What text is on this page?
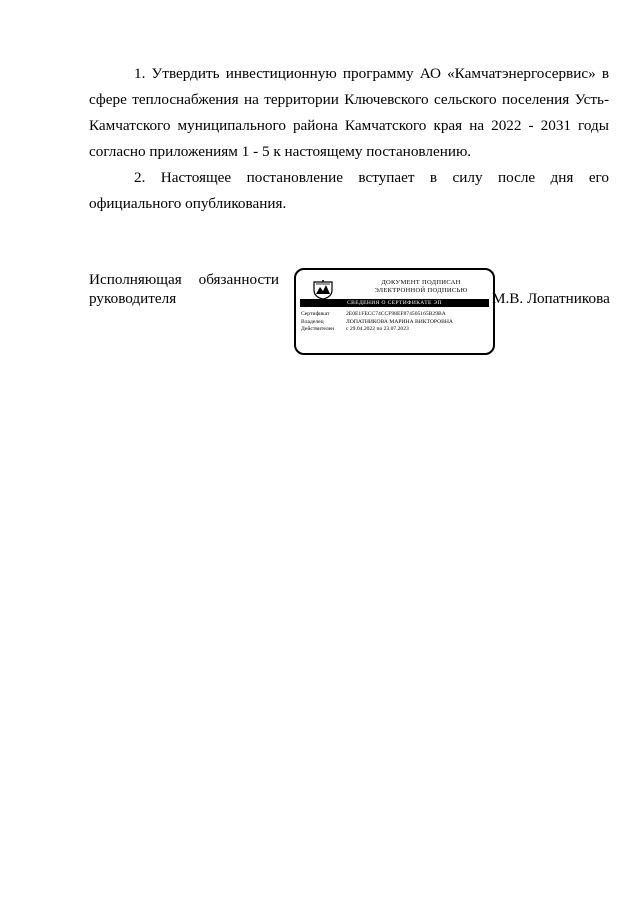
1. Утвердить инвестиционную программу АО «Камчатэнергосервис» в сфере теплоснабжения на территории Ключевского сельского поселения Усть-Камчатского муниципального района Камчатского края на 2022 - 2031 годы согласно приложениям 1 - 5 к настоящему постановлению.

2. Настоящее постановление вступает в силу после дня его официального опубликования.

Исполняющая обязанности
руководителя
ДОКУМЕНТ ПОДПИСАН
ЭЛЕКТРОННОЙ ПОДПИСЬЮ
СВЕДЕНИЯ О СЕРТИФИКАТЕ ЭП
Сертификат	2E0E1FECC74CCF98EF874505165B29BA
Владелец	ЛОПАТНИКОВА МАРИНА ВИКТОРОВНА
Действителен	с 29.04.2022 по 23.07.2023
М.В. Лопатникова
